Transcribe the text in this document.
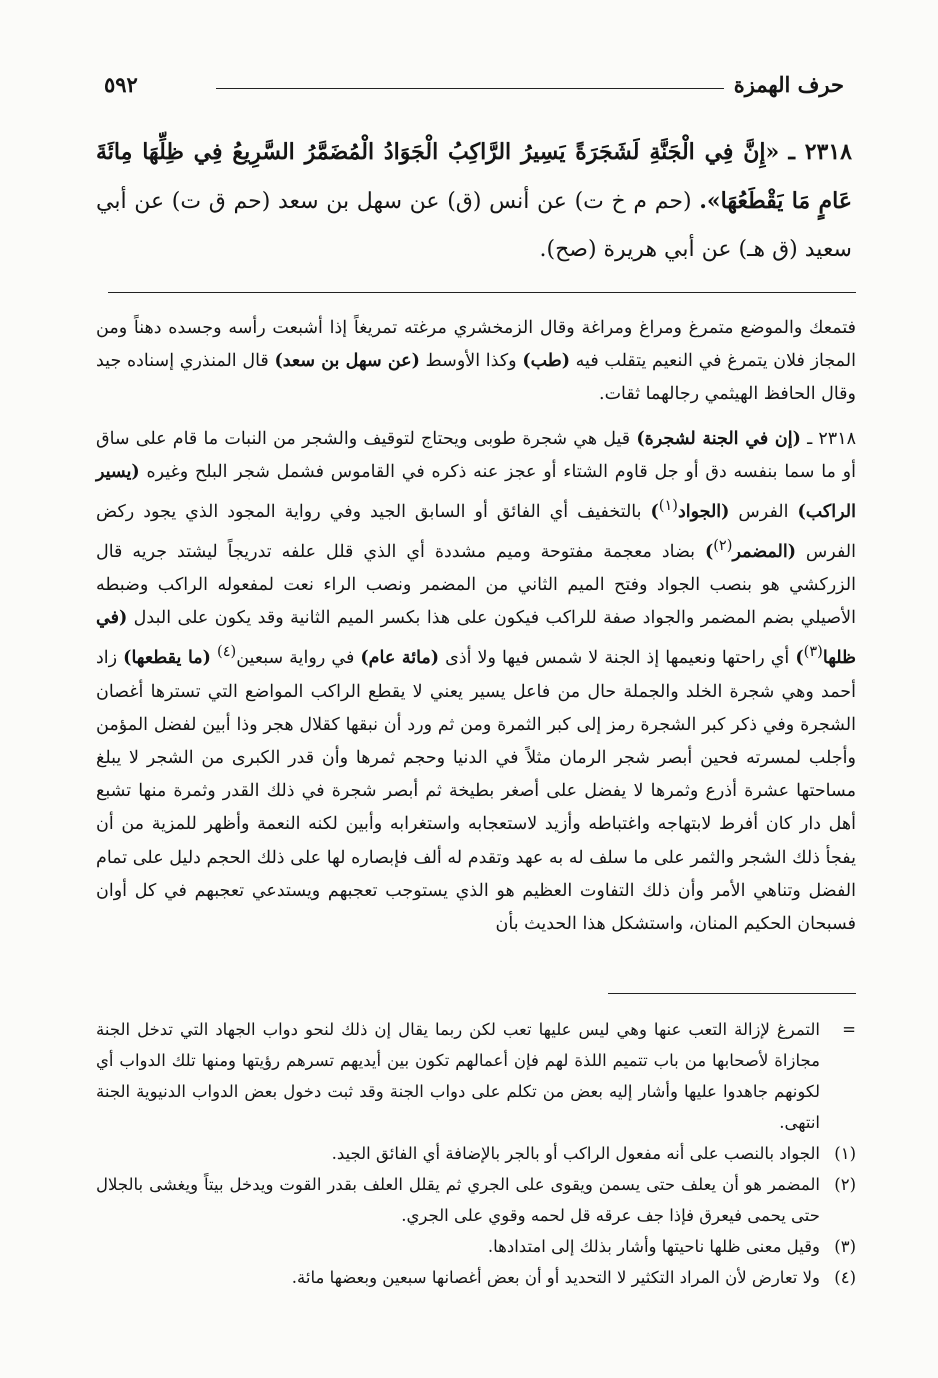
حرف الهمزة
٥٩٢
٢٣١٨ ـ «إِنَّ فِي الْجَنَّةِ لَشَجَرَةً يَسِيرُ الرَّاكِبُ الْجَوَادُ الْمُضَمَّرُ السَّرِيعُ فِي ظِلِّهَا مِائَةَ عَامٍ مَا يَقْطَعُهَا». (حم م خ ت) عن أنس (ق) عن سهل بن سعد (حم ق ت) عن أبي سعيد (ق هـ) عن أبي هريرة (صح).

فتمعك والموضع متمرغ ومراغ ومراغة وقال الزمخشري مرغته تمريغاً إذا أشبعت رأسه وجسده دهناً ومن المجاز فلان يتمرغ في النعيم يتقلب فيه (طب) وكذا الأوسط (عن سهل بن سعد) قال المنذري إسناده جيد وقال الحافظ الهيثمي رجالهما ثقات.

٢٣١٨ ـ (إن في الجنة لشجرة) قيل هي شجرة طوبى ويحتاج لتوقيف والشجر من النبات ما قام على ساق أو ما سما بنفسه دق أو جل قاوم الشتاء أو عجز عنه ذكره في القاموس فشمل شجر البلح وغيره (يسير الراكب) الفرس (الجواد$^{(١)}$) بالتخفيف أي الفائق أو السابق الجيد وفي رواية المجود الذي يجود ركض الفرس (المضمر$^{(٢)}$) بضاد معجمة مفتوحة وميم مشددة أي الذي قلل علفه تدريجاً ليشتد جريه قال الزركشي هو بنصب الجواد وفتح الميم الثاني من المضمر ونصب الراء نعت لمفعوله الراكب وضبطه الأصيلي بضم المضمر والجواد صفة للراكب فيكون على هذا بكسر الميم الثانية وقد يكون على البدل (في ظلها$^{(٣)}$) أي راحتها ونعيمها إذ الجنة لا شمس فيها ولا أذى (مائة عام) في رواية سبعين$^{(٤)}$ (ما يقطعها) زاد أحمد وهي شجرة الخلد والجملة حال من فاعل يسير يعني لا يقطع الراكب المواضع التي تسترها أغصان الشجرة وفي ذكر كبر الشجرة رمز إلى كبر الثمرة ومن ثم ورد أن نبقها كقلال هجر وذا أبين لفضل المؤمن وأجلب لمسرته فحين أبصر شجر الرمان مثلاً في الدنيا وحجم ثمرها وأن قدر الكبرى من الشجر لا يبلغ مساحتها عشرة أذرع وثمرها لا يفضل على أصغر بطيخة ثم أبصر شجرة في ذلك القدر وثمرة منها تشبع أهل دار كان أفرط لابتهاجه واغتباطه وأزيد لاستعجابه واستغرابه وأبين لكنه النعمة وأظهر للمزية من أن يفجأ ذلك الشجر والثمر على ما سلف له به عهد وتقدم له ألف فإبصاره لها على ذلك الحجم دليل على تمام الفضل وتناهي الأمر وأن ذلك التفاوت العظيم هو الذي يستوجب تعجبهم ويستدعي تعجبهم في كل أوان فسبحان الحكيم المنان، واستشكل هذا الحديث بأن

=
التمرغ لإزالة التعب عنها وهي ليس عليها تعب لكن ربما يقال إن ذلك لنحو دواب الجهاد التي تدخل الجنة مجازاة لأصحابها من باب تتميم اللذة لهم فإن أعمالهم تكون بين أيديهم تسرهم رؤيتها ومنها تلك الدواب أي لكونهم جاهدوا عليها وأشار إليه بعض من تكلم على دواب الجنة وقد ثبت دخول بعض الدواب الدنيوية الجنة انتهى.
(١)
الجواد بالنصب على أنه مفعول الراكب أو بالجر بالإضافة أي الفائق الجيد.
(٢)
المضمر هو أن يعلف حتى يسمن ويقوى على الجري ثم يقلل العلف بقدر القوت ويدخل بيتاً ويغشى بالجلال حتى يحمى فيعرق فإذا جف عرقه قل لحمه وقوي على الجري.
(٣)
وقيل معنى ظلها ناحيتها وأشار بذلك إلى امتدادها.
(٤)
ولا تعارض لأن المراد التكثير لا التحديد أو أن بعض أغصانها سبعين وبعضها مائة.
